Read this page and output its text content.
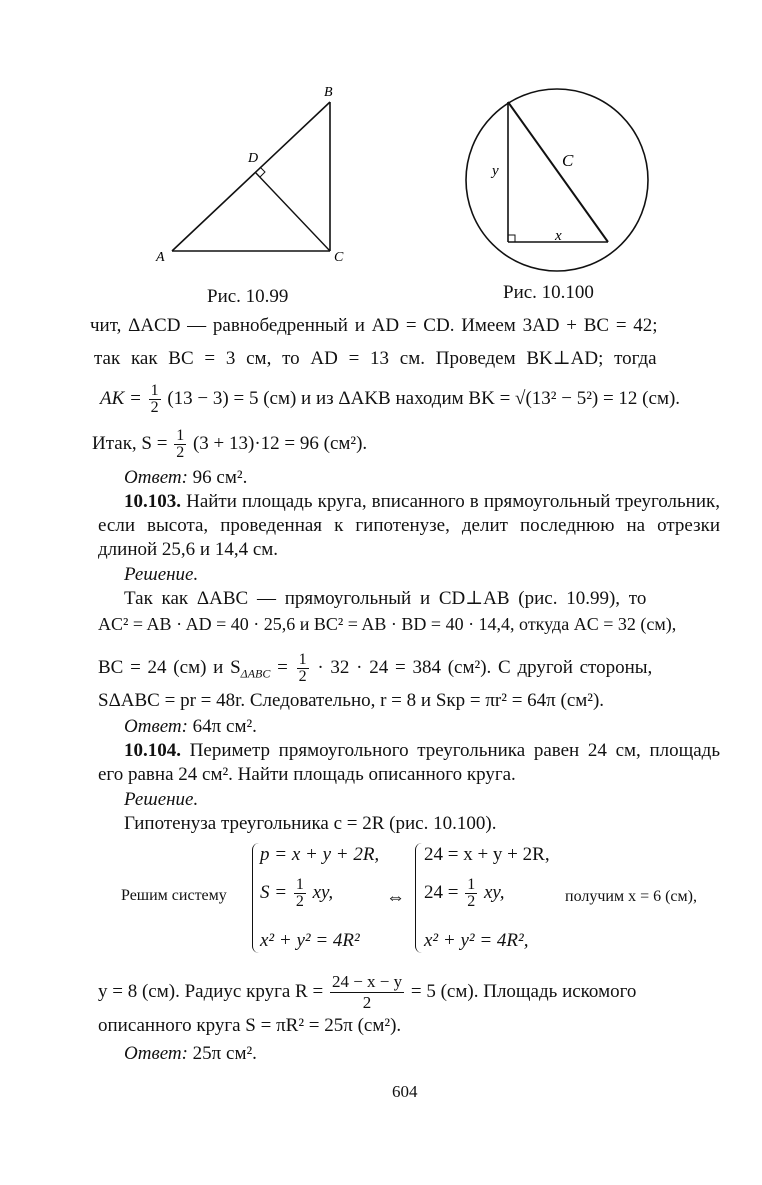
B
D
A	C
Рис. 10.99
y
C
x
Рис. 10.100
чит, ΔACD — равнобедренный и AD = CD. Имеем 3AD + BC = 42;
так как BC = 3 см, то AD = 13 см. Проведем BK⊥AD; тогда
AK = $\frac{1}{2} (13 - 3) = 5$ (см) и из ΔAKB находим BK = √(13² − 5²) = 12 (см).
Итак, $S = \frac{1}{2} (3 + 13)\cdot 12 = 96$ (см²).
Ответ: 96 см².
10.103. Найти площадь круга, вписанного в прямоугольный треугольник, если высота, проведенная к гипотенузе, делит последнюю на отрезки длиной 25,6 и 14,4 см.
Решение.
Так как ΔABC — прямоугольный и CD⊥AB (рис. 10.99), то
AC² = AB · AD = 40 · 25,6 и BC² = AB · BD = 40 · 14,4, откуда AC = 32 (см),
BC = 24 (см) и $S_{\Delta ABC} = \frac{1}{2} \cdot 32 \cdot 24 = 384$ (см²). С другой стороны,
SΔABC = pr = 48r. Следовательно, r = 8 и Sкр = πr² = 64π (см²).
Ответ: 64π см².
10.104. Периметр прямоугольного треугольника равен 24 см, площадь его равна 24 см². Найти площадь описанного круга.
Решение.
Гипотенуза треугольника c = 2R (рис. 10.100).
Решим систему
p = x + y + 2R,
$S = \frac{1}{2}$ xy,
x² + y² = 4R²
⇔
24 = x + y + 2R,
$24 = \frac{1}{2}$ xy,
x² + y² = 4R²,
получим x = 6 (см),
y = 8 (см). Радиус круга $R = \frac{24 - x - y}{2} = 5$ (см). Площадь искомого
описанного круга S = πR² = 25π (см²).
Ответ: 25π см².
604
